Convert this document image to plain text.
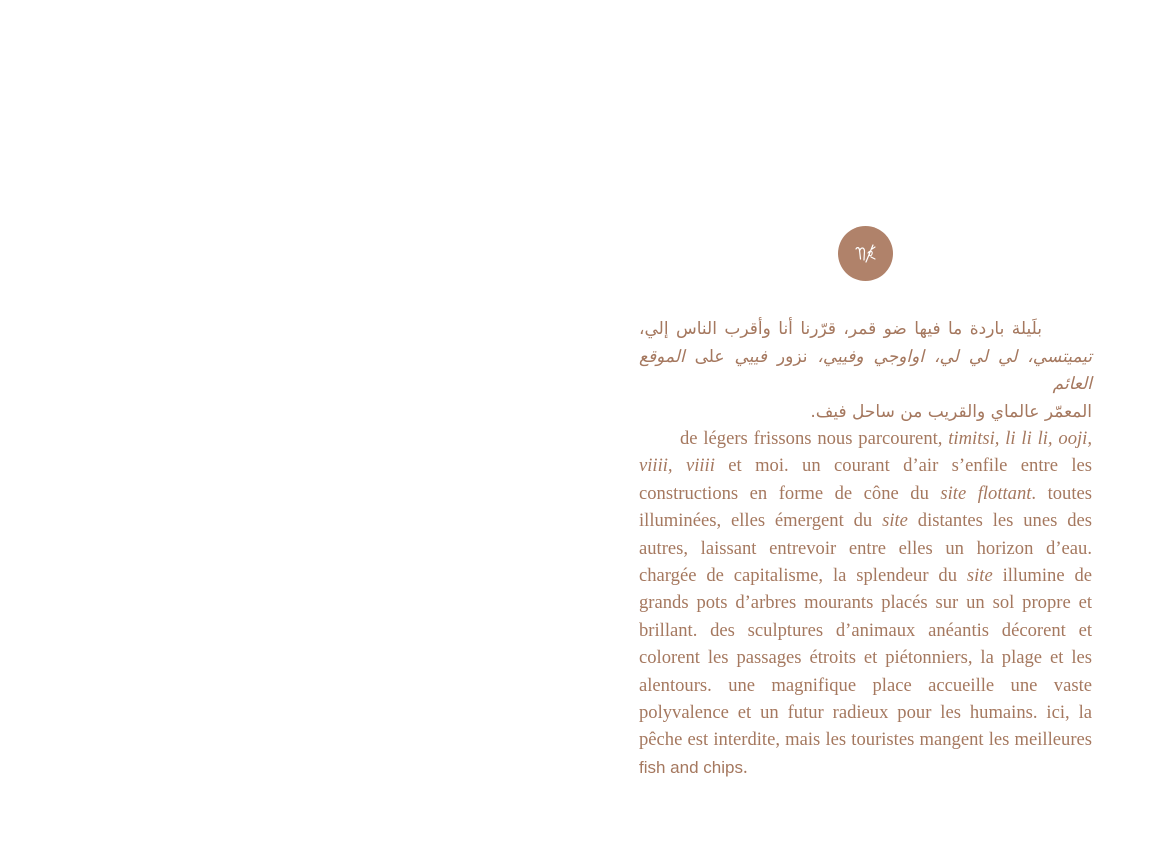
بلَيلة باردة ما فيها ضو قمر، قرّرنا أنا وأقرب الناس إلي،
تيميتسي، لي لي لي، اواوجي وفييي، نزور فييي على الموقع العائم
المعمّر عالماي والقريب من ساحل فيف.

de légers frissons nous parcourent, timitsi, li li li, ooji, viiii, viiii et moi. un courant d’air s’enfile entre les constructions en forme de cône du site flottant. toutes illuminées, elles émergent du site distantes les unes des autres, laissant entrevoir entre elles un horizon d’eau. chargée de capitalisme, la splendeur du site illumine de grands pots d’arbres mourants placés sur un sol propre et brillant. des sculptures d’animaux anéantis décorent et colorent les passages étroits et piétonniers, la plage et les alentours. une magnifique place accueille une vaste polyvalence et un futur radieux pour les humains. ici, la pêche est interdite, mais les touristes mangent les meilleures fish and chips.
